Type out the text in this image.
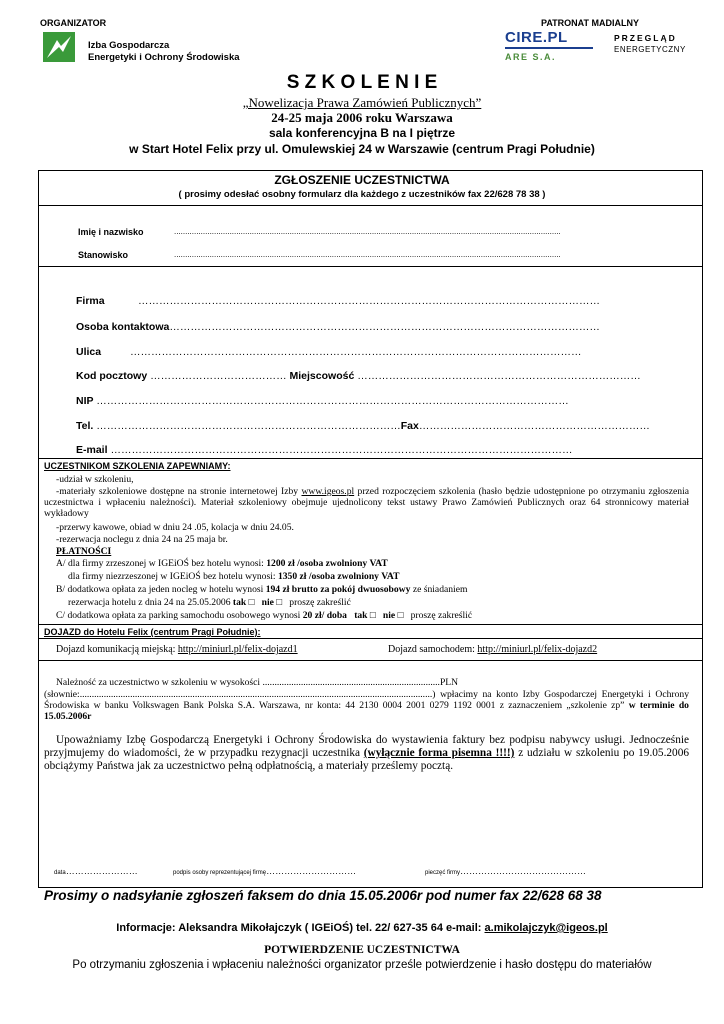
ORGANIZATOR
Izba Gospodarcza
Energetyki i Ochrony Środowiska
PATRONAT MADIALNY
CIRE.PL
ARE S.A.
PRZEGLĄD
ENERGETYCZNY
S Z K O L E N I E
„Nowelizacja Prawa Zamówień Publicznych”
24-25 maja 2006 roku Warszawa
sala konferencyjna B na I piętrze
w Start Hotel Felix przy ul. Omulewskiej 24 w Warszawie (centrum Pragi Południe)
ZGŁOSZENIE UCZESTNICTWA
( prosimy odesłać osobny formularz dla każdego z uczestników fax 22/628 78 38 )
Imię i nazwisko	..............................................................................................................................................................................
Stanowisko	..............................................................................................................................................................................
Firma	……………………………………………………………………………………………………………………
Osoba kontaktowa……………………………………………………………………………………………………………
Ulica	…………………………………………………………………………………………………………………
Kod pocztowy ………………………………… Miejscowość ………………………………………………………………………
NIP ………………………………………………………………………………………………………………………
Tel. ……………………………………………………………………………Fax…………………………………………………………
E-mail ……………………………………………………………………………………………………………………
UCZESTNIKOM SZKOLENIA ZAPEWNIAMY:
-udział w szkoleniu,
-materiały szkoleniowe dostępne na stronie internetowej Izby www.igeos.pl przed rozpoczęciem szkolenia (hasło będzie udostępnione po otrzymaniu zgłoszenia uczestnictwa i wpłaceniu należności). Materiał szkoleniowy obejmuje ujednolicony tekst ustawy Prawo Zamówień Publicznych oraz 64 stronnicowy materiał wykładowy
-przerwy kawowe, obiad w dniu 24 .05, kolacja w dniu 24.05.
-rezerwacja noclegu z dnia 24 na 25 maja br.
PŁATNOŚCI
A/ dla firmy zrzeszonej w IGEiOŚ bez hotelu wynosi: 1200 zł /osoba zwolniony VAT
dla firmy niezrzeszonej w IGEiOŚ bez hotelu wynosi: 1350 zł /osoba zwolniony VAT
B/ dodatkowa opłata za jeden nocleg w hotelu wynosi 194 zł brutto za pokój dwuosobowy ze śniadaniem
rezerwacja hotelu z dnia 24 na 25.05.2006 tak □ nie □ proszę zakreślić
C/ dodatkowa opłata za parking samochodu osobowego wynosi 20 zł/ doba tak □ nie □ proszę zakreślić
DOJAZD do Hotelu Felix (centrum Pragi Południe):
Dojazd komunikacją miejską: http://miniurl.pl/felix-dojazd1	Dojazd samochodem: http://miniurl.pl/felix-dojazd2
Należność za uczestnictwo w szkoleniu w wysokości ..........................................................................PLN
(słownie:...................................................................................................................................................) wpłacimy na konto Izby Gospodarczej Energetyki i Ochrony Środowiska w banku Volkswagen Bank Polska S.A. Warszawa, nr konta: 44 2130 0004 2001 0279 1192 0001 z zaznaczeniem „szkolenie zp” w terminie do 15.05.2006r
Upoważniamy Izbę Gospodarczą Energetyki i Ochrony Środowiska do wystawienia faktury bez podpisu nabywcy usługi. Jednocześnie przyjmujemy do wiadomości, że w przypadku rezygnacji uczestnika (wyłącznie forma pisemna !!!!) z udziału w szkoleniu po 19.05.2006 obciążymy Państwa jak za uczestnictwo pełną odpłatnością, a materiały prześlemy pocztą.
data……………………	podpis osoby reprezentującej firmę…………………………	pieczęć firmy……………………………………
Prosimy o nadsyłanie zgłoszeń faksem do dnia 15.05.2006r pod numer fax 22/628 68 38
Informacje: Aleksandra Mikołajczyk ( IGEiOŚ) tel. 22/ 627-35 64 e-mail: a.mikolajczyk@igeos.pl
POTWIERDZENIE UCZESTNICTWA
Po otrzymaniu zgłoszenia i wpłaceniu należności organizator prześle potwierdzenie i hasło dostępu do materiałów
